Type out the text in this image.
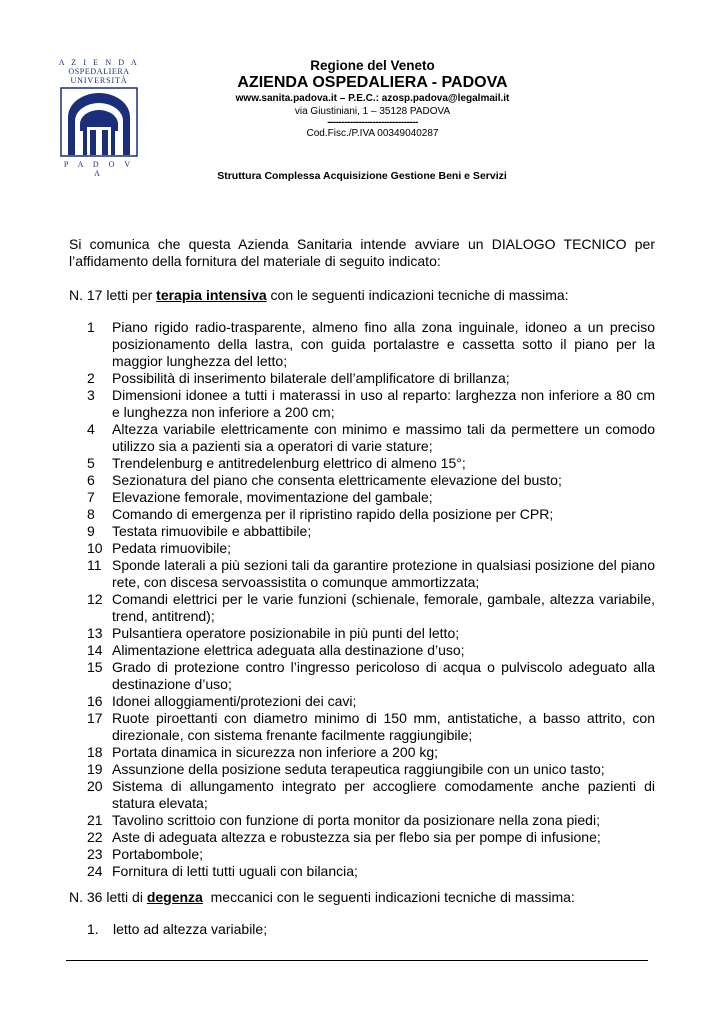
A Z I E N D A
OSPEDALIERA
UNIVERSITÀ
P A D O V A
Regione del Veneto
AZIENDA OSPEDALIERA - PADOVA
www.sanita.padova.it – P.E.C.: azosp.padova@legalmail.it
via Giustiniani, 1 – 35128 PADOVA
--------------------------------
Cod.Fisc./P.IVA 00349040287
Struttura Complessa Acquisizione Gestione Beni e Servizi
Si comunica che questa Azienda Sanitaria intende avviare un DIALOGO TECNICO per l’affidamento della fornitura del materiale di seguito indicato:
N. 17 letti per terapia intensiva con le seguenti indicazioni tecniche di massima:
1	Piano rigido radio-trasparente, almeno fino alla zona inguinale, idoneo a un preciso posizionamento della lastra, con guida portalastre e cassetta sotto il piano per la maggior lunghezza del letto;
2	Possibilità di inserimento bilaterale dell’amplificatore di brillanza;
3	Dimensioni idonee a tutti i materassi in uso al reparto: larghezza non inferiore a 80 cm e lunghezza non inferiore a 200 cm;
4	Altezza variabile elettricamente con minimo e massimo tali da permettere un comodo utilizzo sia a pazienti sia a operatori di varie stature;
5	Trendelenburg e antitredelenburg elettrico di almeno 15°;
6	Sezionatura del piano che consenta elettricamente elevazione del busto;
7	Elevazione femorale, movimentazione del gambale;
8	Comando di emergenza per il ripristino rapido della posizione per CPR;
9	Testata rimuovibile e abbattibile;
10 Pedata rimuovibile;
11 Sponde laterali a più sezioni tali da garantire protezione in qualsiasi posizione del piano rete, con discesa servoassistita o comunque ammortizzata;
12 Comandi elettrici per le varie funzioni (schienale, femorale, gambale, altezza variabile, trend, antitrend);
13 Pulsantiera operatore posizionabile in più punti del letto;
14 Alimentazione elettrica adeguata alla destinazione d’uso;
15 Grado di protezione contro l’ingresso pericoloso di acqua o pulviscolo adeguato alla destinazione d’uso;
16 Idonei alloggiamenti/protezioni dei cavi;
17 Ruote piroettanti con diametro minimo di 150 mm, antistatiche, a basso attrito, con direzionale, con sistema frenante facilmente raggiungibile;
18 Portata dinamica in sicurezza non inferiore a 200 kg;
19 Assunzione della posizione seduta terapeutica raggiungibile con un unico tasto;
20 Sistema di allungamento integrato per accogliere comodamente anche pazienti di statura elevata;
21 Tavolino scrittoio con funzione di porta monitor da posizionare nella zona piedi;
22 Aste di adeguata altezza e robustezza sia per flebo sia per pompe di infusione;
23 Portabombole;
24 Fornitura di letti tutti uguali con bilancia;
N. 36 letti di degenza  meccanici con le seguenti indicazioni tecniche di massima:
1.	letto ad altezza variabile;
